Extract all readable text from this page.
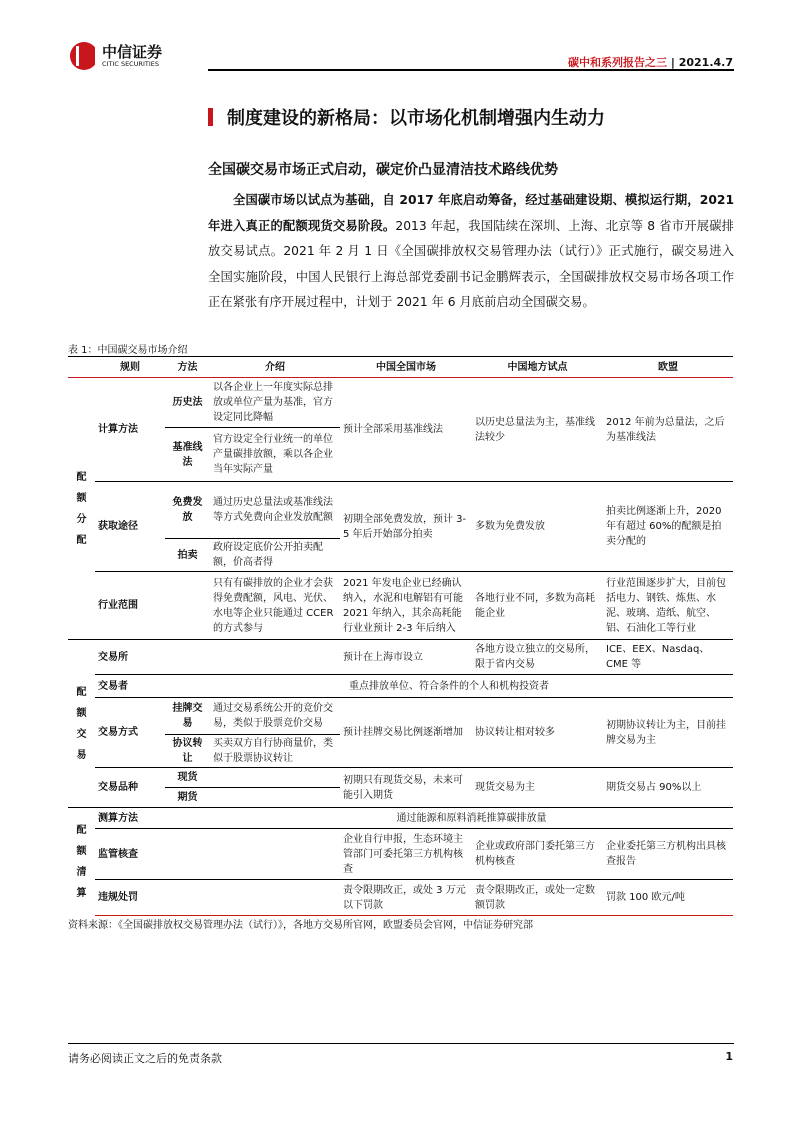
中信证券
CITIC SECURITIES	碳中和系列报告之三 | 2021.4.7
制度建设的新格局：以市场化机制增强内生动力
全国碳交易市场正式启动，碳定价凸显清洁技术路线优势
全国碳市场以试点为基础，自 2017 年底启动筹备，经过基础建设期、模拟运行期，2021 年进入真正的配额现货交易阶段。2013 年起，我国陆续在深圳、上海、北京等 8 省市开展碳排放交易试点。2021 年 2 月 1 日《全国碳排放权交易管理办法（试行）》正式施行，碳交易进入全国实施阶段，中国人民银行上海总部党委副书记金鹏辉表示，全国碳排放权交易市场各项工作正在紧张有序开展过程中，计划于 2021 年 6 月底前启动全国碳交易。
表 1：中国碳交易市场介绍
	规则	方法	介绍	中国全国市场	中国地方试点	欧盟
配
额
分
配	计算方法	历史法	以各企业上一年度实际总排放或单位产量为基准，官方设定同比降幅	预计全部采用基准线法	以历史总量法为主，基准线法较少	2012 年前为总量法，之后为基准线法
		基准线法	官方设定全行业统一的单位产量碳排放额，乘以各企业当年实际产量			
	获取途径	免费发放	通过历史总量法或基准线法等方式免费向企业发放配额	初期全部免费发放，预计 3-5 年后开始部分拍卖	多数为免费发放	拍卖比例逐渐上升，2020 年有超过 60%的配额是拍卖分配的
		拍卖	政府设定底价公开拍卖配额，价高者得			
	行业范围		只有有碳排放的企业才会获得免费配额，风电、光伏、水电等企业只能通过 CCER 的方式参与	2021 年发电企业已经确认纳入，水泥和电解铝有可能 2021 年纳入，其余高耗能行业业预计 2-3 年后纳入	各地行业不同，多数为高耗能企业	行业范围逐步扩大，目前包括电力、钢铁、炼焦、水泥、玻璃、造纸、航空、铝、石油化工等行业
配
额
交
易	交易所			预计在上海市设立	各地方设立独立的交易所，限于省内交易	ICE、EEX、Nasdaq、CME 等
	交易者	重点排放单位、符合条件的个人和机构投资者				
	交易方式	挂牌交易	通过交易系统公开的竞价交易，类似于股票竞价交易	预计挂牌交易比例逐渐增加	协议转让相对较多	初期协议转让为主，目前挂牌交易为主
		协议转让	买卖双方自行协商量价，类似于股票协议转让			
	交易品种	现货		初期只有现货交易，未来可能引入期货	现货交易为主	期货交易占 90%以上
		期货				
配
额
清
算	测算方法		通过能源和原料消耗推算碳排放量			
	监管核查			企业自行申报，生态环境主管部门可委托第三方机构核查	企业或政府部门委托第三方机构核查	企业委托第三方机构出具核查报告
	违规处罚			责令限期改正，或处 3 万元以下罚款	责令限期改正，或处一定数额罚款	罚款 100 欧元/吨
资料来源：《全国碳排放权交易管理办法（试行）》，各地方交易所官网，欧盟委员会官网，中信证券研究部
请务必阅读正文之后的免责条款	1
